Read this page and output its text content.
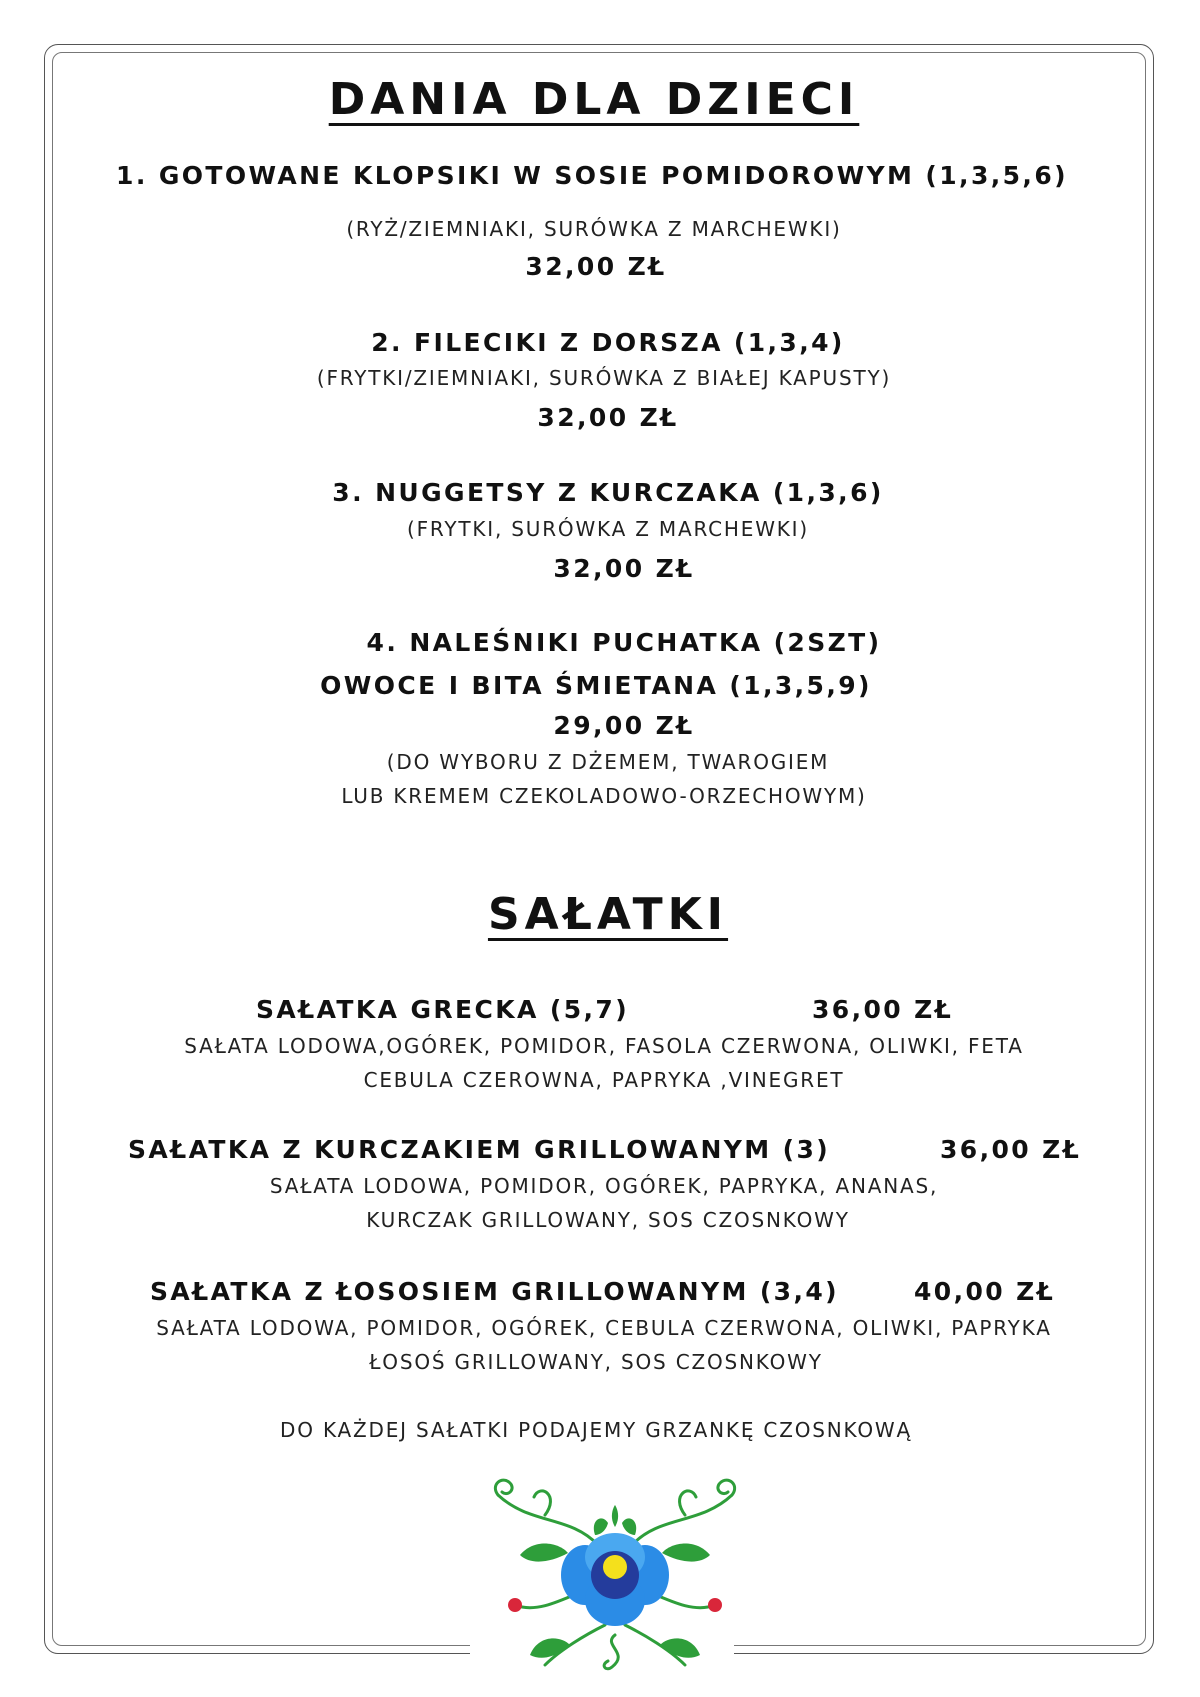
DANIA DLA DZIECI
1. GOTOWANE KLOPSIKI W SOSIE POMIDOROWYM (1,3,5,6)
(RYŻ/ZIEMNIAKI, SURÓWKA Z MARCHEWKI)
32,00 ZŁ
2. FILECIKI Z DORSZA (1,3,4)
(FRYTKI/ZIEMNIAKI, SURÓWKA Z BIAŁEJ KAPUSTY)
32,00 ZŁ
3. NUGGETSY Z KURCZAKA (1,3,6)
(FRYTKI, SURÓWKA Z MARCHEWKI)
32,00 ZŁ
4. NALEŚNIKI PUCHATKA (2SZT)
OWOCE I BITA ŚMIETANA (1,3,5,9)
29,00 ZŁ
(DO WYBORU Z DŻEMEM, TWAROGIEM
LUB KREMEM CZEKOLADOWO-ORZECHOWYM)
SAŁATKI
SAŁATKA GRECKA (5,7)	36,00 ZŁ
SAŁATA LODOWA,OGÓREK, POMIDOR, FASOLA CZERWONA, OLIWKI, FETA
CEBULA CZEROWNA, PAPRYKA ,VINEGRET
SAŁATKA Z KURCZAKIEM GRILLOWANYM (3)	36,00 ZŁ
SAŁATA LODOWA, POMIDOR, OGÓREK, PAPRYKA, ANANAS,
KURCZAK GRILLOWANY, SOS CZOSNKOWY
SAŁATKA Z ŁOSOSIEM GRILLOWANYM (3,4)	40,00 ZŁ
SAŁATA LODOWA, POMIDOR, OGÓREK, CEBULA CZERWONA, OLIWKI, PAPRYKA
ŁOSOŚ GRILLOWANY, SOS CZOSNKOWY
DO KAŻDEJ SAŁATKI PODAJEMY GRZANKĘ CZOSNKOWĄ
